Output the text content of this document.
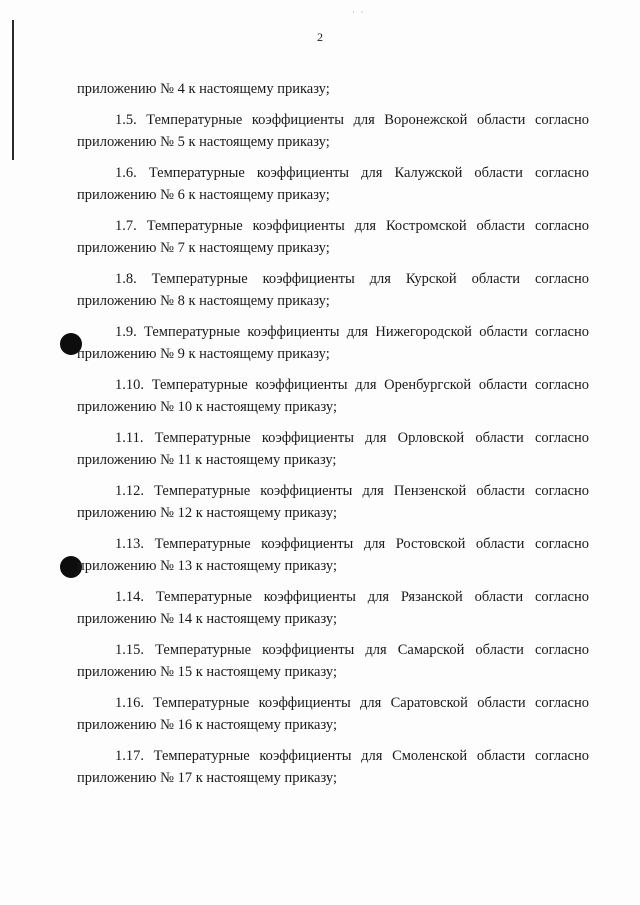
· ·
2
приложению № 4 к настоящему приказу;
1.5. Температурные коэффициенты для Воронежской области согласно
приложению № 5 к настоящему приказу;
1.6. Температурные коэффициенты для Калужской области согласно
приложению № 6 к настоящему приказу;
1.7. Температурные коэффициенты для Костромской области согласно
приложению № 7 к настоящему приказу;
1.8. Температурные коэффициенты для Курской области согласно
приложению № 8 к настоящему приказу;
1.9. Температурные коэффициенты для Нижегородской области согласно
приложению № 9 к настоящему приказу;
1.10. Температурные коэффициенты для Оренбургской области согласно
приложению № 10 к настоящему приказу;
1.11. Температурные коэффициенты для Орловской области согласно
приложению № 11 к настоящему приказу;
1.12. Температурные коэффициенты для Пензенской области согласно
приложению № 12 к настоящему приказу;
1.13. Температурные коэффициенты для Ростовской области согласно
приложению № 13 к настоящему приказу;
1.14. Температурные коэффициенты для Рязанской области согласно
приложению № 14 к настоящему приказу;
1.15. Температурные коэффициенты для Самарской области согласно
приложению № 15 к настоящему приказу;
1.16. Температурные коэффициенты для Саратовской области согласно
приложению № 16 к настоящему приказу;
1.17. Температурные коэффициенты для Смоленской области согласно
приложению № 17 к настоящему приказу;
